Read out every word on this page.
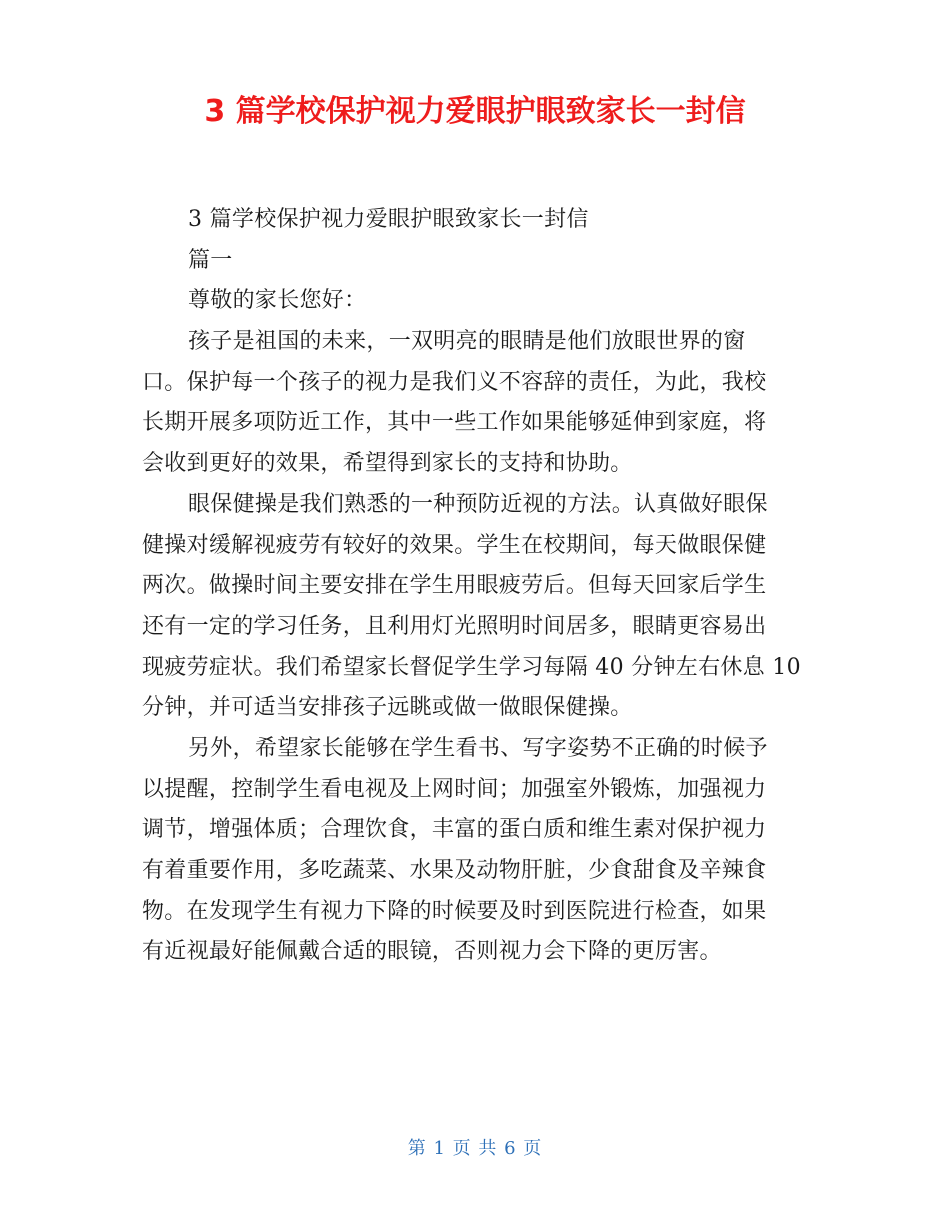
3 篇学校保护视力爱眼护眼致家长一封信
3 篇学校保护视力爱眼护眼致家长一封信
篇一
尊敬的家长您好：
孩子是祖国的未来，一双明亮的眼睛是他们放眼世界的窗
口。保护每一个孩子的视力是我们义不容辞的责任，为此，我校
长期开展多项防近工作，其中一些工作如果能够延伸到家庭，将
会收到更好的效果，希望得到家长的支持和协助。
眼保健操是我们熟悉的一种预防近视的方法。认真做好眼保
健操对缓解视疲劳有较好的效果。学生在校期间，每天做眼保健
两次。做操时间主要安排在学生用眼疲劳后。但每天回家后学生
还有一定的学习任务，且利用灯光照明时间居多，眼睛更容易出
现疲劳症状。我们希望家长督促学生学习每隔 40 分钟左右休息 10
分钟，并可适当安排孩子远眺或做一做眼保健操。
另外，希望家长能够在学生看书、写字姿势不正确的时候予
以提醒，控制学生看电视及上网时间；加强室外锻炼，加强视力
调节，增强体质；合理饮食，丰富的蛋白质和维生素对保护视力
有着重要作用，多吃蔬菜、水果及动物肝脏，少食甜食及辛辣食
物。在发现学生有视力下降的时候要及时到医院进行检查，如果
有近视最好能佩戴合适的眼镜，否则视力会下降的更厉害。
第 1 页 共 6 页
